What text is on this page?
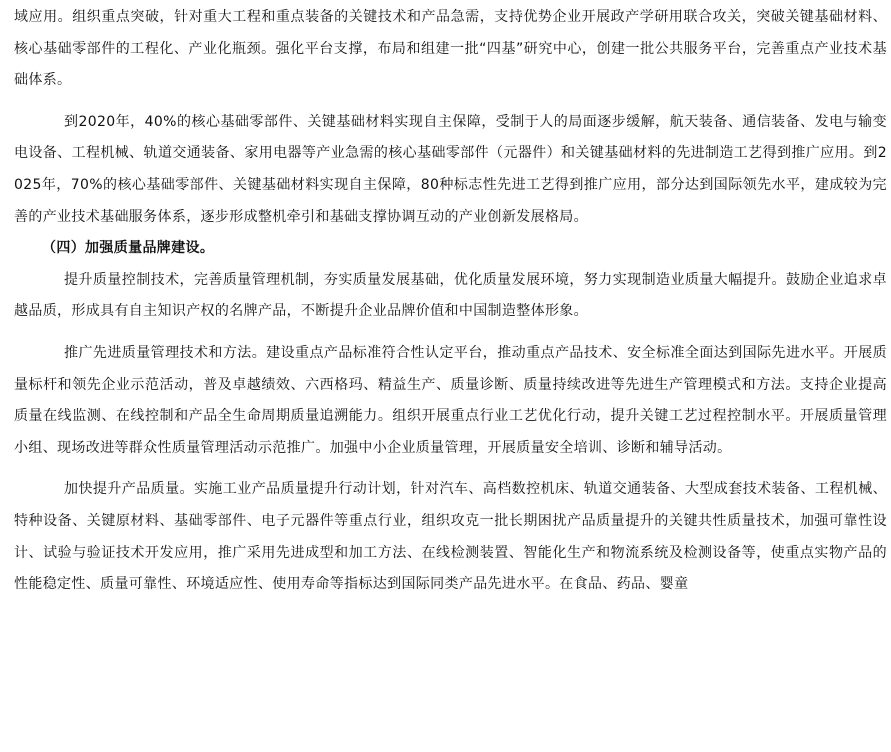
域应用。组织重点突破，针对重大工程和重点装备的关键技术和产品急需，支持优势企业开展政产学研用联合攻关，突破关键基础材料、核心基础零部件的工程化、产业化瓶颈。强化平台支撑，布局和组建一批“四基”研究中心，创建一批公共服务平台，完善重点产业技术基础体系。

到2020年，40%的核心基础零部件、关键基础材料实现自主保障，受制于人的局面逐步缓解，航天装备、通信装备、发电与输变电设备、工程机械、轨道交通装备、家用电器等产业急需的核心基础零部件（元器件）和关键基础材料的先进制造工艺得到推广应用。到2025年，70%的核心基础零部件、关键基础材料实现自主保障，80种标志性先进工艺得到推广应用，部分达到国际领先水平，建成较为完善的产业技术基础服务体系，逐步形成整机牵引和基础支撑协调互动的产业创新发展格局。

（四）加强质量品牌建设。

提升质量控制技术，完善质量管理机制，夯实质量发展基础，优化质量发展环境，努力实现制造业质量大幅提升。鼓励企业追求卓越品质，形成具有自主知识产权的名牌产品，不断提升企业品牌价值和中国制造整体形象。

推广先进质量管理技术和方法。建设重点产品标准符合性认定平台，推动重点产品技术、安全标准全面达到国际先进水平。开展质量标杆和领先企业示范活动，普及卓越绩效、六西格玛、精益生产、质量诊断、质量持续改进等先进生产管理模式和方法。支持企业提高质量在线监测、在线控制和产品全生命周期质量追溯能力。组织开展重点行业工艺优化行动，提升关键工艺过程控制水平。开展质量管理小组、现场改进等群众性质量管理活动示范推广。加强中小企业质量管理，开展质量安全培训、诊断和辅导活动。

加快提升产品质量。实施工业产品质量提升行动计划，针对汽车、高档数控机床、轨道交通装备、大型成套技术装备、工程机械、特种设备、关键原材料、基础零部件、电子元器件等重点行业，组织攻克一批长期困扰产品质量提升的关键共性质量技术，加强可靠性设计、试验与验证技术开发应用，推广采用先进成型和加工方法、在线检测装置、智能化生产和物流系统及检测设备等，使重点实物产品的性能稳定性、质量可靠性、环境适应性、使用寿命等指标达到国际同类产品先进水平。在食品、药品、婴童
